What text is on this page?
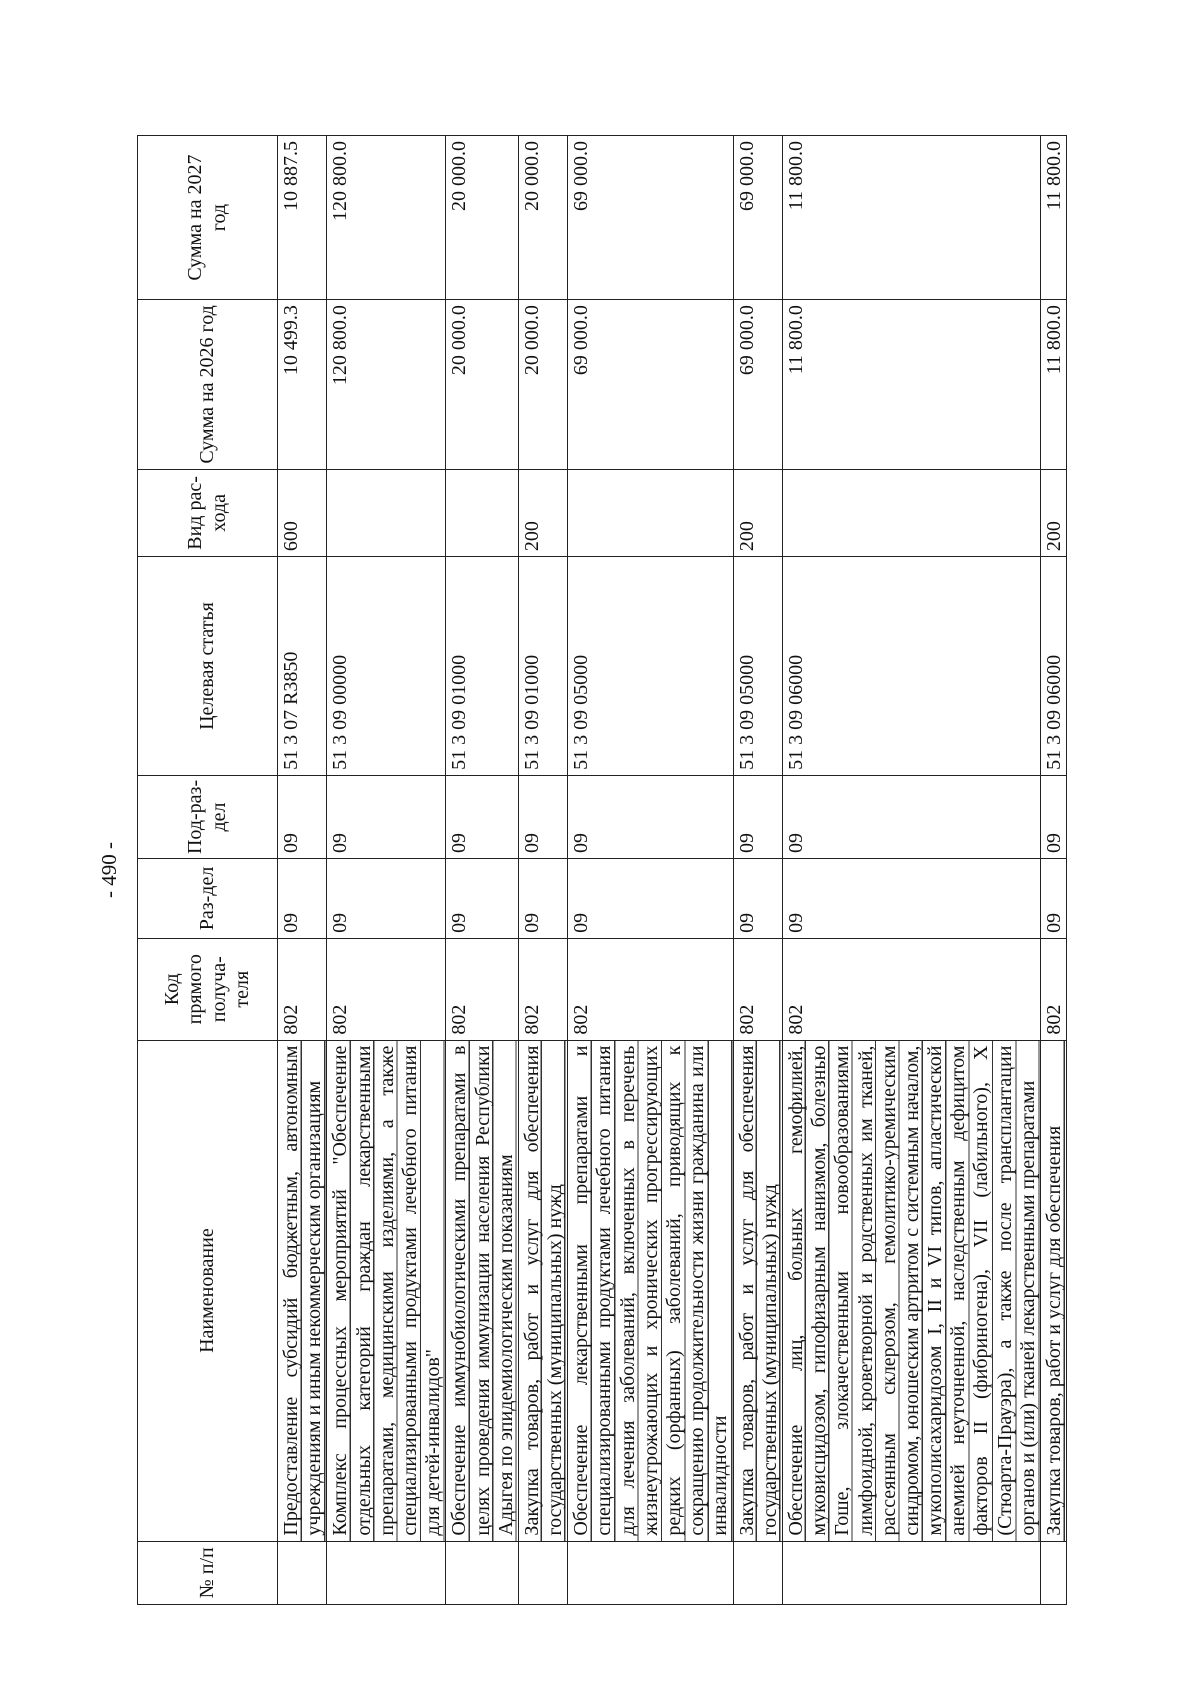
- 490 -
№ п/п	Наименование	Код прямого получа-теля	Раз-дел	Под-раз-дел	Целевая статья	Вид рас-хода	Сумма на 2026 год	Сумма на 2027 год
	Предоставление субсидий бюджетным, автономным учреждениям и иным некоммерческим организациям	802	09	09	51 3 07 R3850	600	10 499.3	10 887.5
	Комплекс процессных мероприятий "Обеспечение отдельных категорий граждан лекарственными препаратами, медицинскими изделиями, а также специализированными продуктами лечебного питания для детей-инвалидов"	802	09	09	51 3 09 00000		120 800.0	120 800.0
	Обеспечение иммунобиологическими препаратами в целях проведения иммунизации населения Республики Адыгея по эпидемиологическим показаниям	802	09	09	51 3 09 01000		20 000.0	20 000.0
	Закупка товаров, работ и услуг для обеспечения государственных (муниципальных) нужд	802	09	09	51 3 09 01000	200	20 000.0	20 000.0
	Обеспечение лекарственными препаратами и специализированными продуктами лечебного питания для лечения заболеваний, включенных в перечень жизнеугрожающих и хронических прогрессирующих редких (орфанных) заболеваний, приводящих к сокращению продолжительности жизни гражданина или инвалидности	802	09	09	51 3 09 05000		69 000.0	69 000.0
	Закупка товаров, работ и услуг для обеспечения государственных (муниципальных) нужд	802	09	09	51 3 09 05000	200	69 000.0	69 000.0
	Обеспечение лиц, больных гемофилией, муковисцидозом, гипофизарным нанизмом, болезнью Гоше, злокачественными новообразованиями лимфоидной, кроветворной и родственных им тканей, рассеянным склерозом, гемолитико-уремическим синдромом, юношеским артритом с системным началом, мукополисахаридозом I, II и VI типов, апластической анемией неуточненной, наследственным дефицитом факторов II (фибриногена), VII (лабильного), X (Стюарта-Прауэра), а также после трансплантации органов и (или) тканей лекарственными препаратами	802	09	09	51 3 09 06000		11 800.0	11 800.0
	Закупка товаров, работ и услуг для обеспечения	802	09	09	51 3 09 06000	200	11 800.0	11 800.0
